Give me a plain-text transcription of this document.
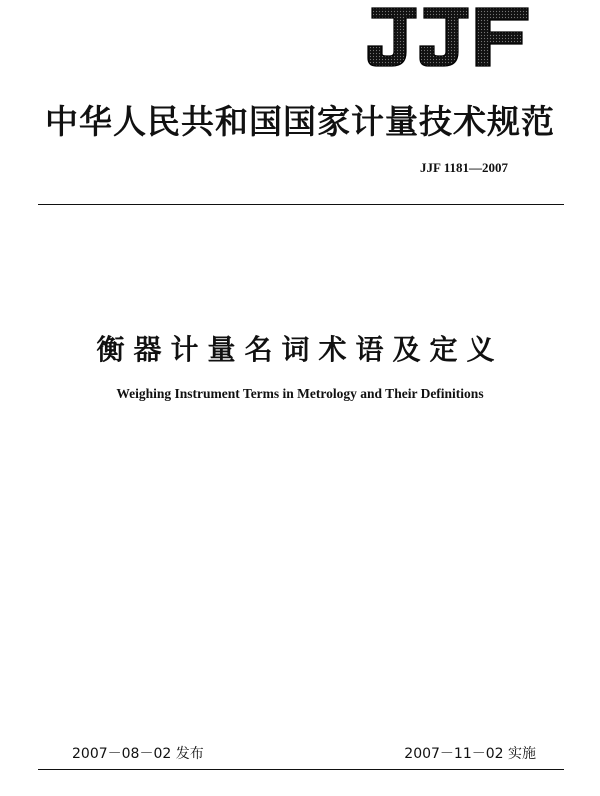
中华人民共和国国家计量技术规范
JJF 1181—2007
衡器计量名词术语及定义
Weighing Instrument Terms in Metrology and Their Definitions
2007－08－02 发布	2007－11－02 实施
